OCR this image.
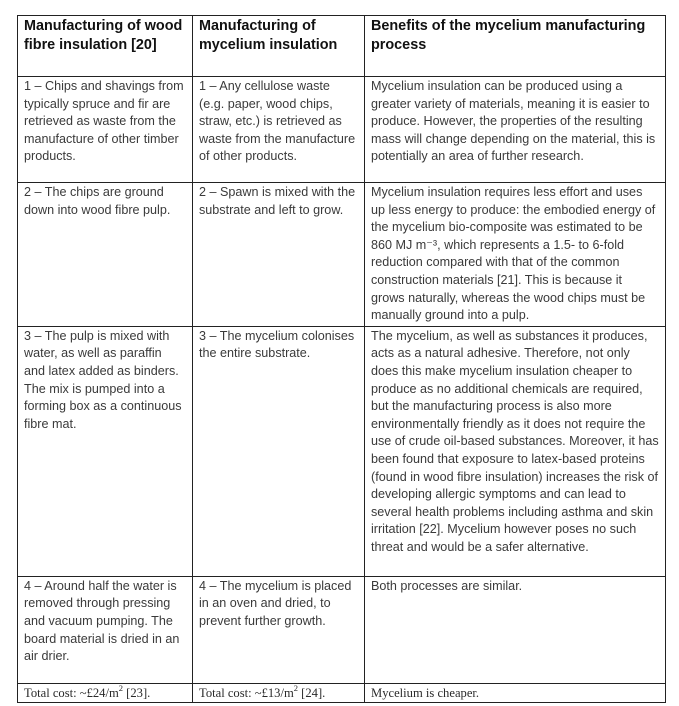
Manufacturing of wood fibre insulation [20]	Manufacturing of mycelium insulation	Benefits of the mycelium manufacturing process
1 – Chips and shavings from typically spruce and fir are retrieved as waste from the manufacture of other timber products.	1 – Any cellulose waste (e.g. paper, wood chips, straw, etc.) is retrieved as waste from the manufacture of other products.	Mycelium insulation can be produced using a greater variety of materials, meaning it is easier to produce. However, the properties of the resulting mass will change depending on the material, this is potentially an area of further research.
2 – The chips are ground down into wood fibre pulp.	2 – Spawn is mixed with the substrate and left to grow.	Mycelium insulation requires less effort and uses up less energy to produce: the embodied energy of the mycelium bio-composite was estimated to be 860 MJ m⁻³, which represents a 1.5- to 6-fold reduction compared with that of the common construction materials [21]. This is because it grows naturally, whereas the wood chips must be manually ground into a pulp.
3 – The pulp is mixed with water, as well as paraffin and latex added as binders. The mix is pumped into a forming box as a continuous fibre mat.	3 – The mycelium colonises the entire substrate.	The mycelium, as well as substances it produces, acts as a natural adhesive. Therefore, not only does this make mycelium insulation cheaper to produce as no additional chemicals are required, but the manufacturing process is also more environmentally friendly as it does not require the use of crude oil-based substances. Moreover, it has been found that exposure to latex-based proteins (found in wood fibre insulation) increases the risk of developing allergic symptoms and can lead to several health problems including asthma and skin irritation [22]. Mycelium however poses no such threat and would be a safer alternative.
4 – Around half the water is removed through pressing and vacuum pumping. The board material is dried in an air drier.	4 – The mycelium is placed in an oven and dried, to prevent further growth.	Both processes are similar.
Total cost: $\sim£24/m^2$ [23].	Total cost: $\sim£13/m^2$ [24].	Mycelium is cheaper.
